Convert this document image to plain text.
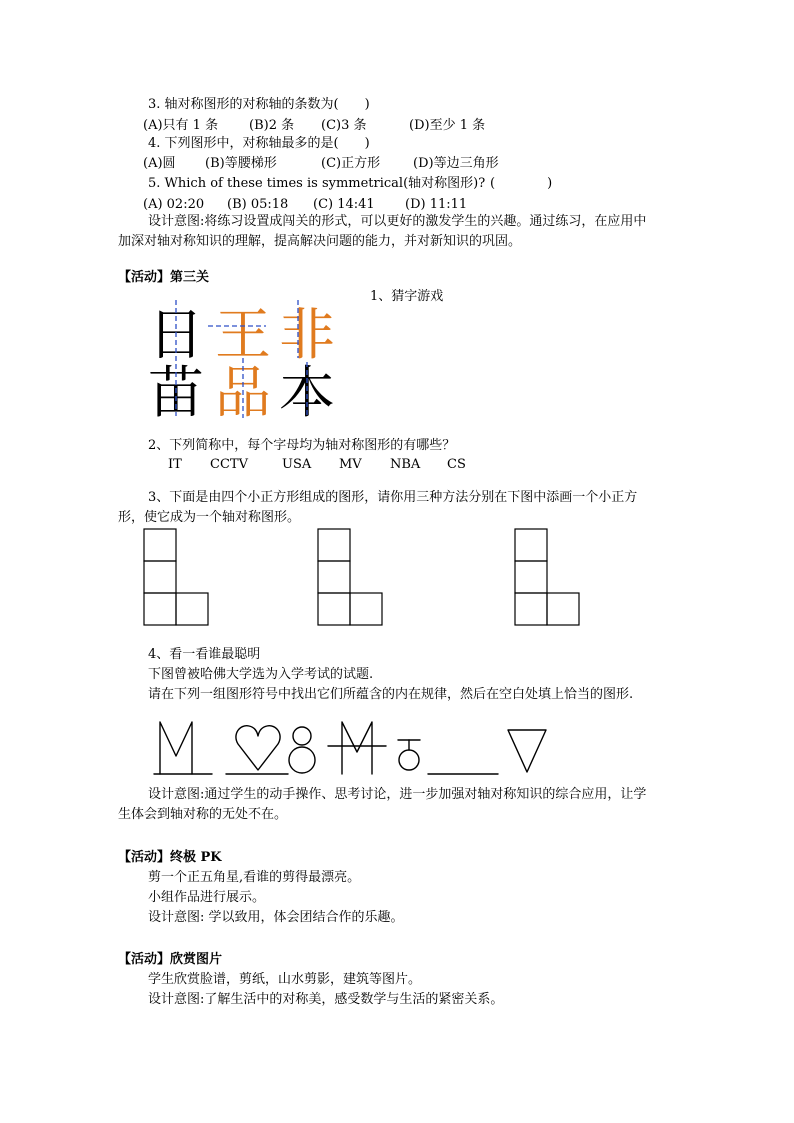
3. 轴对称图形的对称轴的条数为(　　)
(A)只有 1 条 (B)2 条 (C)3 条	(D)至少 1 条
4. 下列图形中，对称轴最多的是(　　)
(A)圆 (B)等腰梯形	(C)正方形	(D)等边三角形
5. Which of these times is symmetrical(轴对称图形)? (　　　　)
(A) 02:20 (B) 05:18 (C) 14:41 (D) 11:11
设计意图:将练习设置成闯关的形式，可以更好的激发学生的兴趣。通过练习，在应用中
加深对轴对称知识的理解，提高解决问题的能力，并对新知识的巩固。
【活动】第三关
1、猜字游戏
日 王 非
苗 品 本
2、下列简称中，每个字母均为轴对称图形的有哪些？
IT CCTV	USA MV NBA CS
3、下面是由四个小正方形组成的图形，请你用三种方法分别在下图中添画一个小正方
形，使它成为一个轴对称图形。
4、看一看谁最聪明
下图曾被哈佛大学选为入学考试的试题.
请在下列一组图形符号中找出它们所蕴含的内在规律，然后在空白处填上恰当的图形.
设计意图:通过学生的动手操作、思考讨论，进一步加强对轴对称知识的综合应用，让学
生体会到轴对称的无处不在。
【活动】终极 PK
剪一个正五角星,看谁的剪得最漂亮。
小组作品进行展示。
设计意图: 学以致用，体会团结合作的乐趣。
【活动】欣赏图片
学生欣赏脸谱，剪纸，山水剪影，建筑等图片。
设计意图:了解生活中的对称美，感受数学与生活的紧密关系。
